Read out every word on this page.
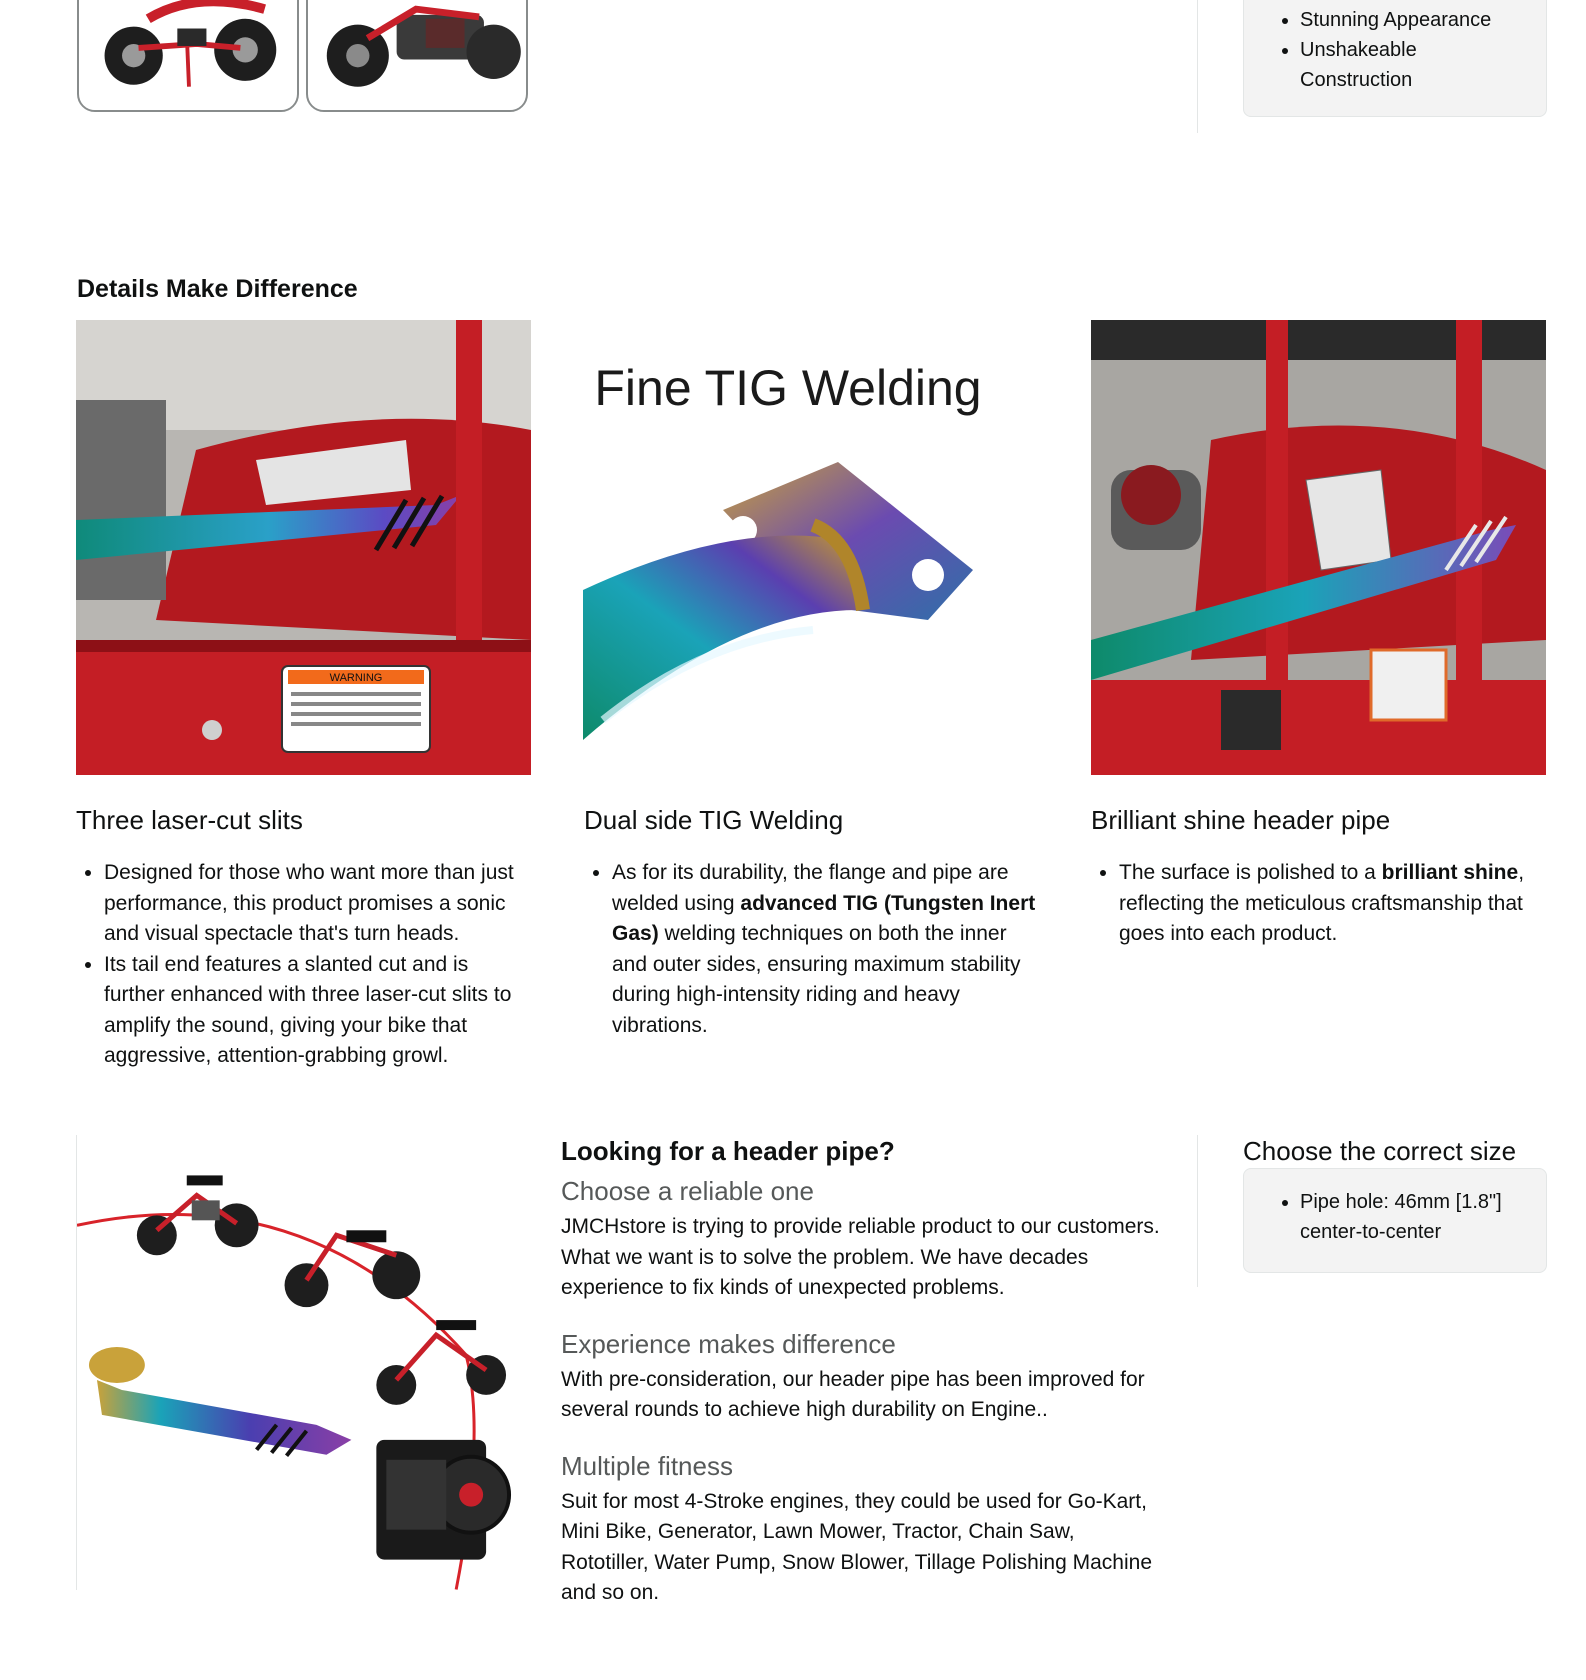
• Stunning Appearance
• Unshakeable Construction
Details Make Difference
WARNING
Fine TIG Welding
Three laser-cut slits	Dual side TIG Welding	Brilliant shine header pipe
• Designed for those who want more than just performance, this product promises a sonic and visual spectacle that's turn heads.
• Its tail end features a slanted cut and is further enhanced with three laser-cut slits to amplify the sound, giving your bike that aggressive, attention-grabbing growl.
• As for its durability, the flange and pipe are welded using advanced TIG (Tungsten Inert Gas) welding techniques on both the inner and outer sides, ensuring maximum stability during high-intensity riding and heavy vibrations.
• The surface is polished to a brilliant shine, reflecting the meticulous craftsmanship that goes into each product.
Looking for a header pipe?
Choose a reliable one

JMCHstore is trying to provide reliable product to our customers. What we want is to solve the problem. We have decades experience to fix kinds of unexpected problems.

Experience makes difference

With pre-consideration, our header pipe has been improved for several rounds to achieve high durability on Engine..

Multiple fitness

Suit for most 4-Stroke engines, they could be used for Go-Kart, Mini Bike, Generator, Lawn Mower, Tractor, Chain Saw, Rototiller, Water Pump, Snow Blower, Tillage Polishing Machine and so on.

Choose the correct size
• Pipe hole: 46mm [1.8"] center-to-center
